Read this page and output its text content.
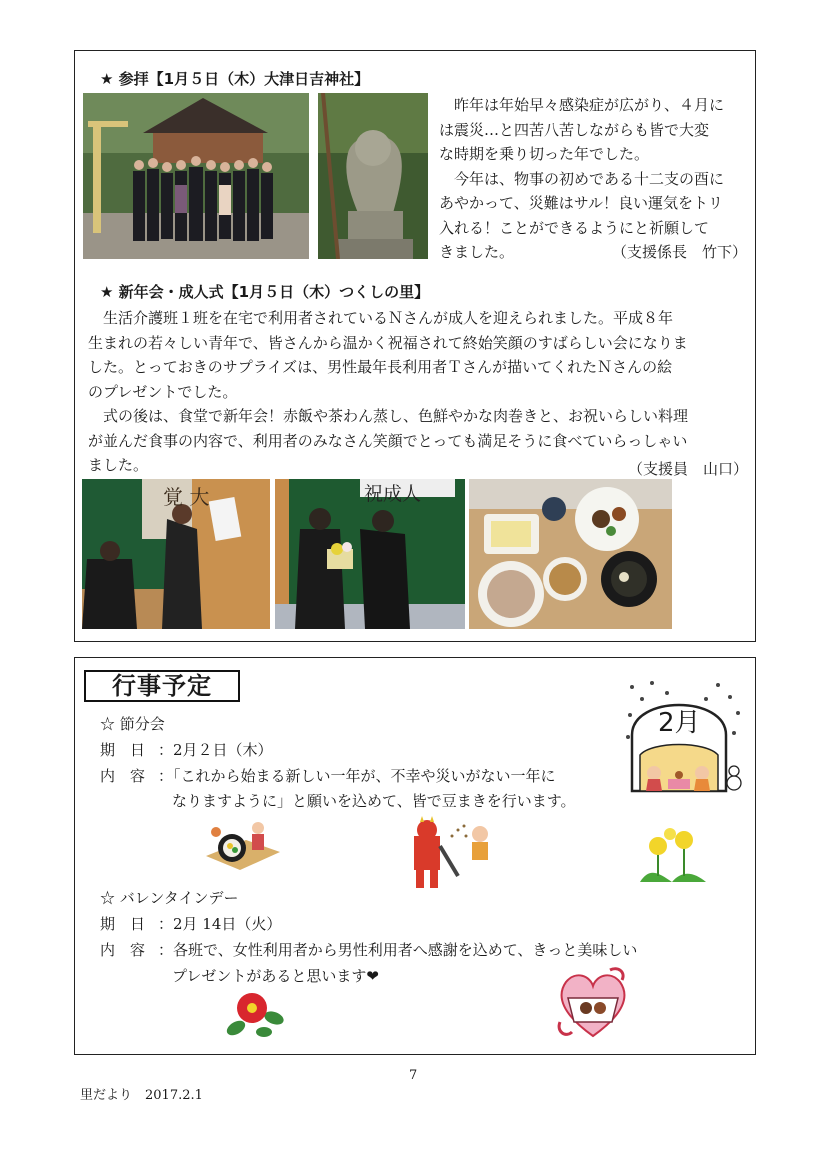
★ 参拝【1月５日（木）大津日吉神社】
昨年は年始早々感染症が広がり、４月に
は震災…と四苦八苦しながらも皆で大変
な時期を乗り切った年でした。
今年は、物事の初めである十二支の酉に
あやかって、災難はサル！良い運気をトリ
入れる！ことができるようにと祈願して
きました。	（支援係長　竹下）
★ 新年会・成人式【1月５日（木）つくしの里】
生活介護班１班を在宅で利用者されているＮさんが成人を迎えられました。平成８年
生まれの若々しい青年で、皆さんから温かく祝福されて終始笑顔のすばらしい会になりま
した。とっておきのサプライズは、男性最年長利用者Ｔさんが描いてくれたＮさんの絵
のプレゼントでした。
式の後は、食堂で新年会！赤飯や茶わん蒸し、色鮮やかな肉巻きと、お祝いらしい料理
が並んだ食事の内容で、利用者のみなさん笑顔でとっても満足そうに食べていらっしゃい
ました。	（支援員　山口）
覚 大	祝成人
行事予定
2月
☆ 節分会
期　日 ：2月２日（木）
内　容 ：「これから始まる新しい一年が、不幸や災いがない一年に
なりますように」と願いを込めて、皆で豆まきを行います。
☆ バレンタインデー
期　日 ：2月 14日（火）
内　容 ：各班で、女性利用者から男性利用者へ感謝を込めて、きっと美味しい
プレゼントがあると思います❤
7
里だより　2017.2.1
